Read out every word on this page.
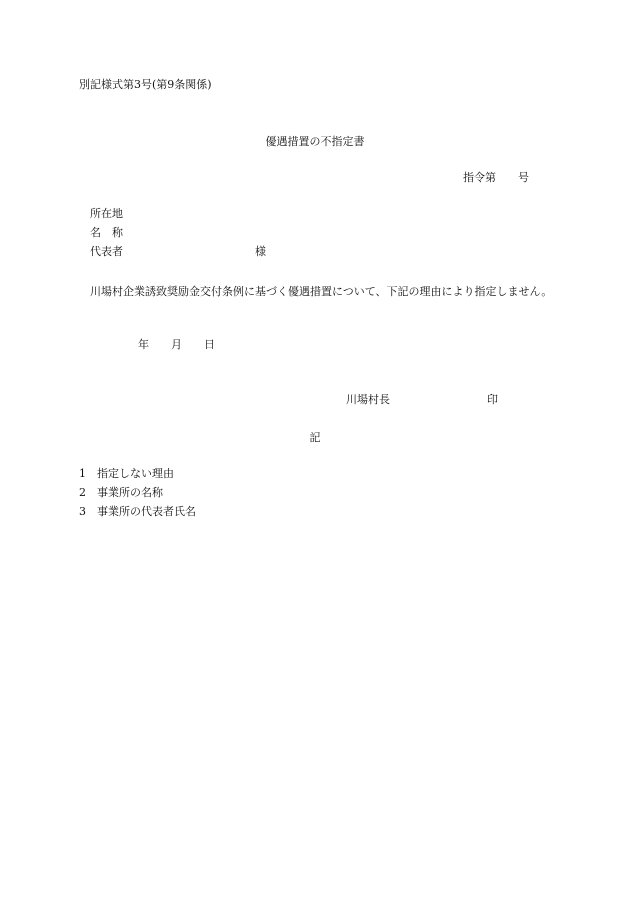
別記様式第3号(第9条関係)
優遇措置の不指定書
指令第 号
所在地
名　称
代表者	様
川場村企業誘致奨励金交付条例に基づく優遇措置について、下記の理由により指定しません。
年 月 日
川場村長	印
記
1 指定しない理由
2 事業所の名称
3 事業所の代表者氏名
